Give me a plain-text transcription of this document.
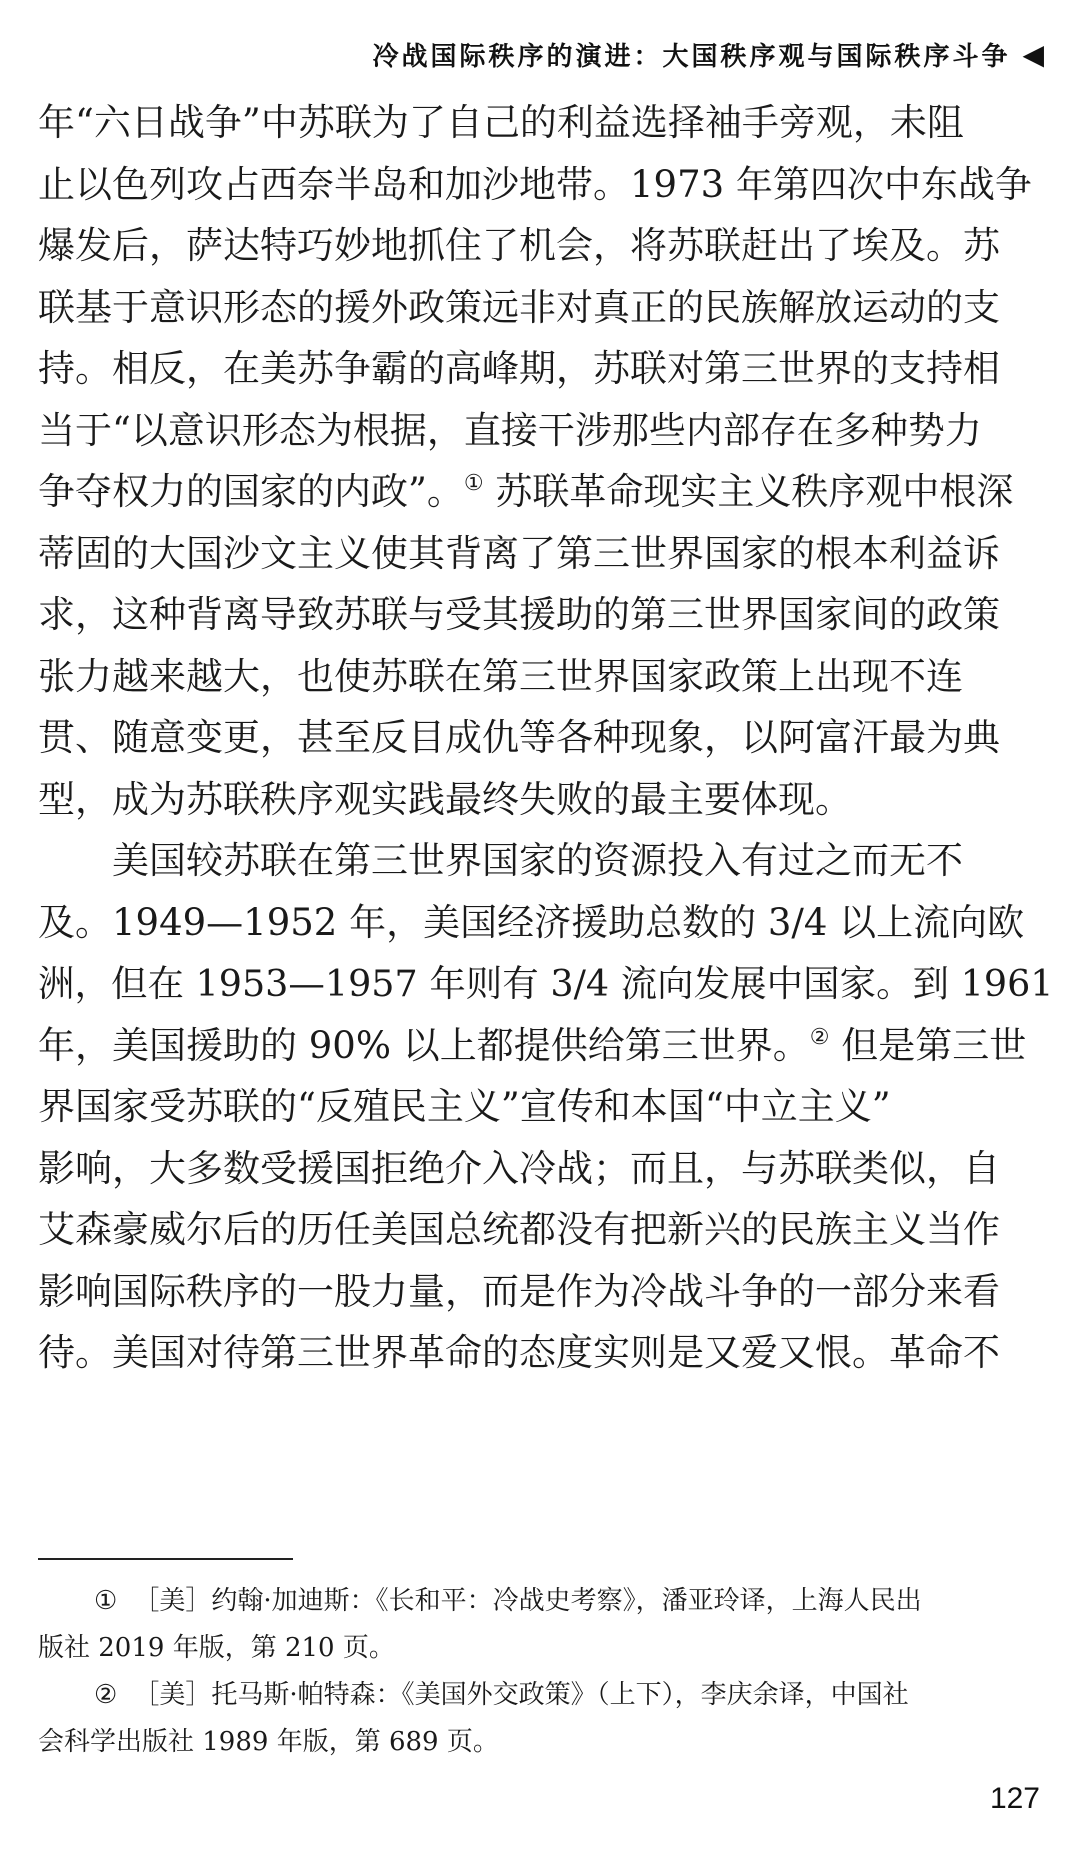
冷战国际秩序的演进：大国秩序观与国际秩序斗争 ◀
年“六日战争”中苏联为了自己的利益选择袖手旁观，未阻
止以色列攻占西奈半岛和加沙地带。1973 年第四次中东战争
爆发后，萨达特巧妙地抓住了机会，将苏联赶出了埃及。苏
联基于意识形态的援外政策远非对真正的民族解放运动的支
持。相反，在美苏争霸的高峰期，苏联对第三世界的支持相
当于“以意识形态为根据，直接干涉那些内部存在多种势力
争夺权力的国家的内政”。① 苏联革命现实主义秩序观中根深
蒂固的大国沙文主义使其背离了第三世界国家的根本利益诉
求，这种背离导致苏联与受其援助的第三世界国家间的政策
张力越来越大，也使苏联在第三世界国家政策上出现不连
贯、随意变更，甚至反目成仇等各种现象，以阿富汗最为典
型，成为苏联秩序观实践最终失败的最主要体现。
美国较苏联在第三世界国家的资源投入有过之而无不
及。1949—1952 年，美国经济援助总数的 3/4 以上流向欧
洲，但在 1953—1957 年则有 3/4 流向发展中国家。到 1961
年，美国援助的 90% 以上都提供给第三世界。② 但是第三世
界国家受苏联的“反殖民主义”宣传和本国“中立主义”
影响，大多数受援国拒绝介入冷战；而且，与苏联类似，自
艾森豪威尔后的历任美国总统都没有把新兴的民族主义当作
影响国际秩序的一股力量，而是作为冷战斗争的一部分来看
待。美国对待第三世界革命的态度实则是又爱又恨。革命不
① ［美］约翰·加迪斯：《长和平：冷战史考察》，潘亚玲译，上海人民出
版社 2019 年版，第 210 页。
② ［美］托马斯·帕特森：《美国外交政策》（上下），李庆余译，中国社
会科学出版社 1989 年版，第 689 页。
127
